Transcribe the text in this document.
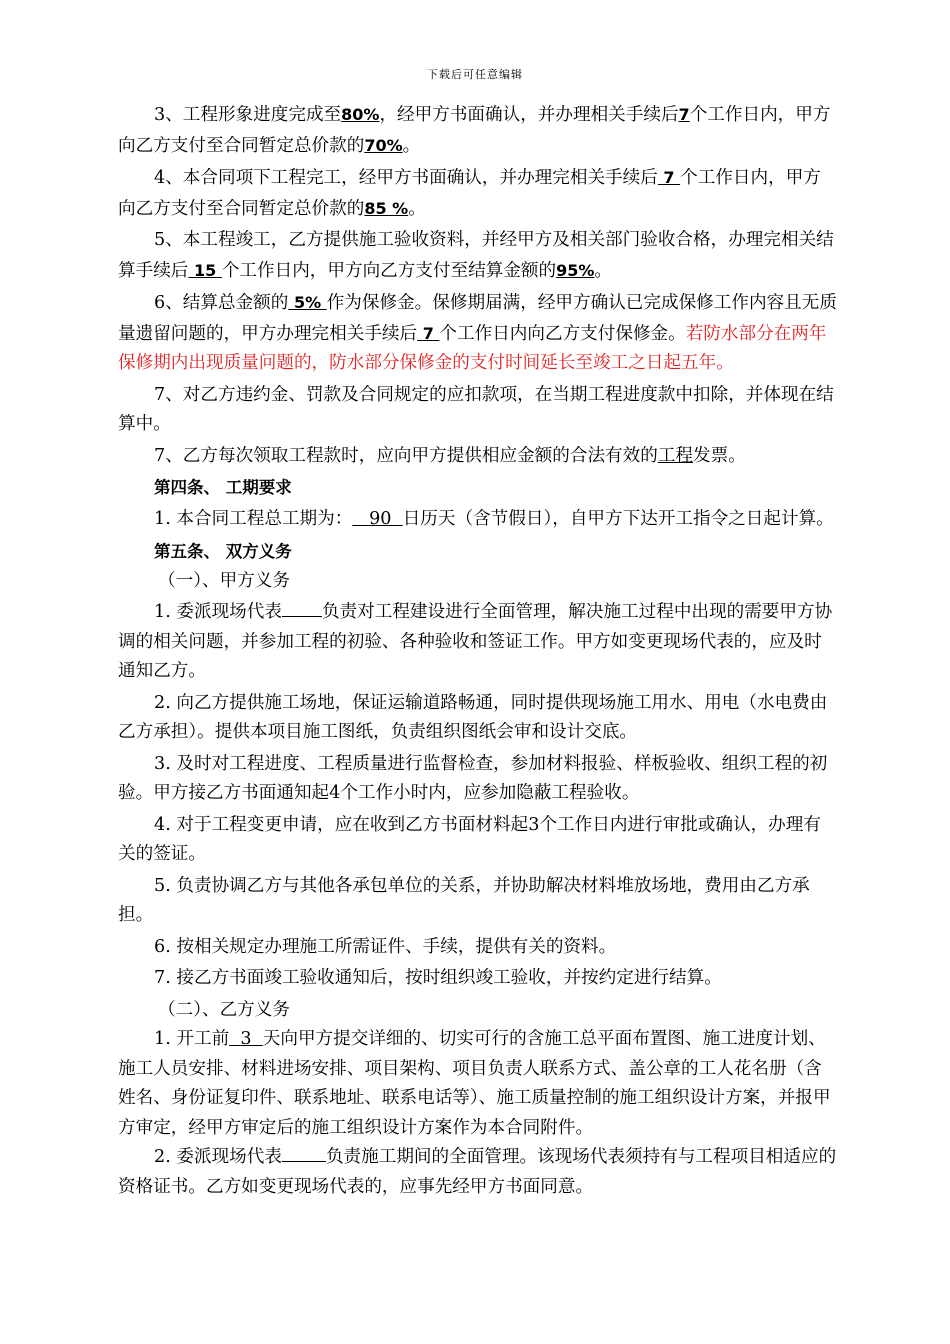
下载后可任意编辑

3、工程形象进度完成至80%，经甲方书面确认，并办理相关手续后7个工作日内，甲方向乙方支付至合同暂定总价款的70%。

4、本合同项下工程完工，经甲方书面确认，并办理完相关手续后 7 个工作日内，甲方向乙方支付至合同暂定总价款的85 %。

5、本工程竣工，乙方提供施工验收资料，并经甲方及相关部门验收合格，办理完相关结算手续后 15 个工作日内，甲方向乙方支付至结算金额的95%。

6、结算总金额的 5% 作为保修金。保修期届满，经甲方确认已完成保修工作内容且无质量遗留问题的，甲方办理完相关手续后 7 个工作日内向乙方支付保修金。若防水部分在两年保修期内出现质量问题的，防水部分保修金的支付时间延长至竣工之日起五年。

7、对乙方违约金、罚款及合同规定的应扣款项，在当期工程进度款中扣除，并体现在结算中。

7、乙方每次领取工程款时，应向甲方提供相应金额的合法有效的工程发票。

第四条、 工期要求

1. 本合同工程总工期为： 90 日历天（含节假日），自甲方下达开工指令之日起计算。

第五条、 双方义务

（一）、甲方义务

1. 委派现场代表 负责对工程建设进行全面管理，解决施工过程中出现的需要甲方协调的相关问题，并参加工程的初验、各种验收和签证工作。甲方如变更现场代表的，应及时通知乙方。

2. 向乙方提供施工场地，保证运输道路畅通，同时提供现场施工用水、用电（水电费由乙方承担）。提供本项目施工图纸，负责组织图纸会审和设计交底。

3. 及时对工程进度、工程质量进行监督检查，参加材料报验、样板验收、组织工程的初验。甲方接乙方书面通知起4个工作小时内，应参加隐蔽工程验收。

4. 对于工程变更申请，应在收到乙方书面材料起3个工作日内进行审批或确认，办理有关的签证。

5. 负责协调乙方与其他各承包单位的关系，并协助解决材料堆放场地，费用由乙方承担。

6. 按相关规定办理施工所需证件、手续，提供有关的资料。

7. 接乙方书面竣工验收通知后，按时组织竣工验收，并按约定进行结算。

（二）、乙方义务

1. 开工前 3 天向甲方提交详细的、切实可行的含施工总平面布置图、施工进度计划、施工人员安排、材料进场安排、项目架构、项目负责人联系方式、盖公章的工人花名册（含姓名、身份证复印件、联系地址、联系电话等）、施工质量控制的施工组织设计方案，并报甲方审定，经甲方审定后的施工组织设计方案作为本合同附件。

2. 委派现场代表	负责施工期间的全面管理。该现场代表须持有与工程项目相适应的资格证书。乙方如变更现场代表的，应事先经甲方书面同意。
